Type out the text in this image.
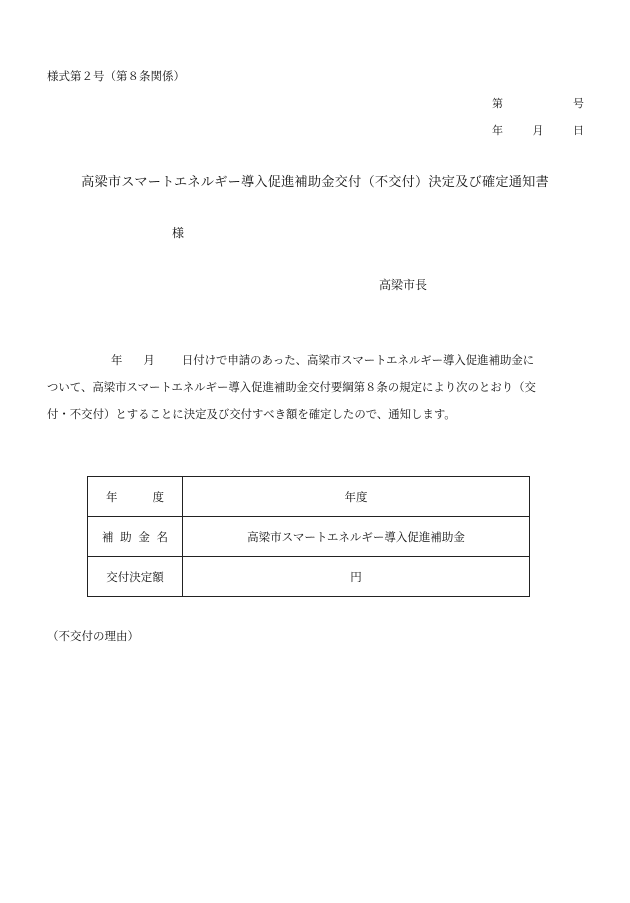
様式第２号（第８条関係）
第	号
年	月	日
高梁市スマートエネルギー導入促進補助金交付（不交付）決定及び確定通知書
様
高梁市長
年 月 日付けで申請のあった、高梁市スマートエネルギー導入促進補助金に
ついて、高梁市スマートエネルギー導入促進補助金交付要綱第８条の規定により次のとおり（交
付・不交付）とすることに決定及び交付すべき額を確定したので、通知します。
年 度	年度

補 助 金 名	高梁市スマートエネルギー導入促進補助金
交付決定額	円
（不交付の理由）
